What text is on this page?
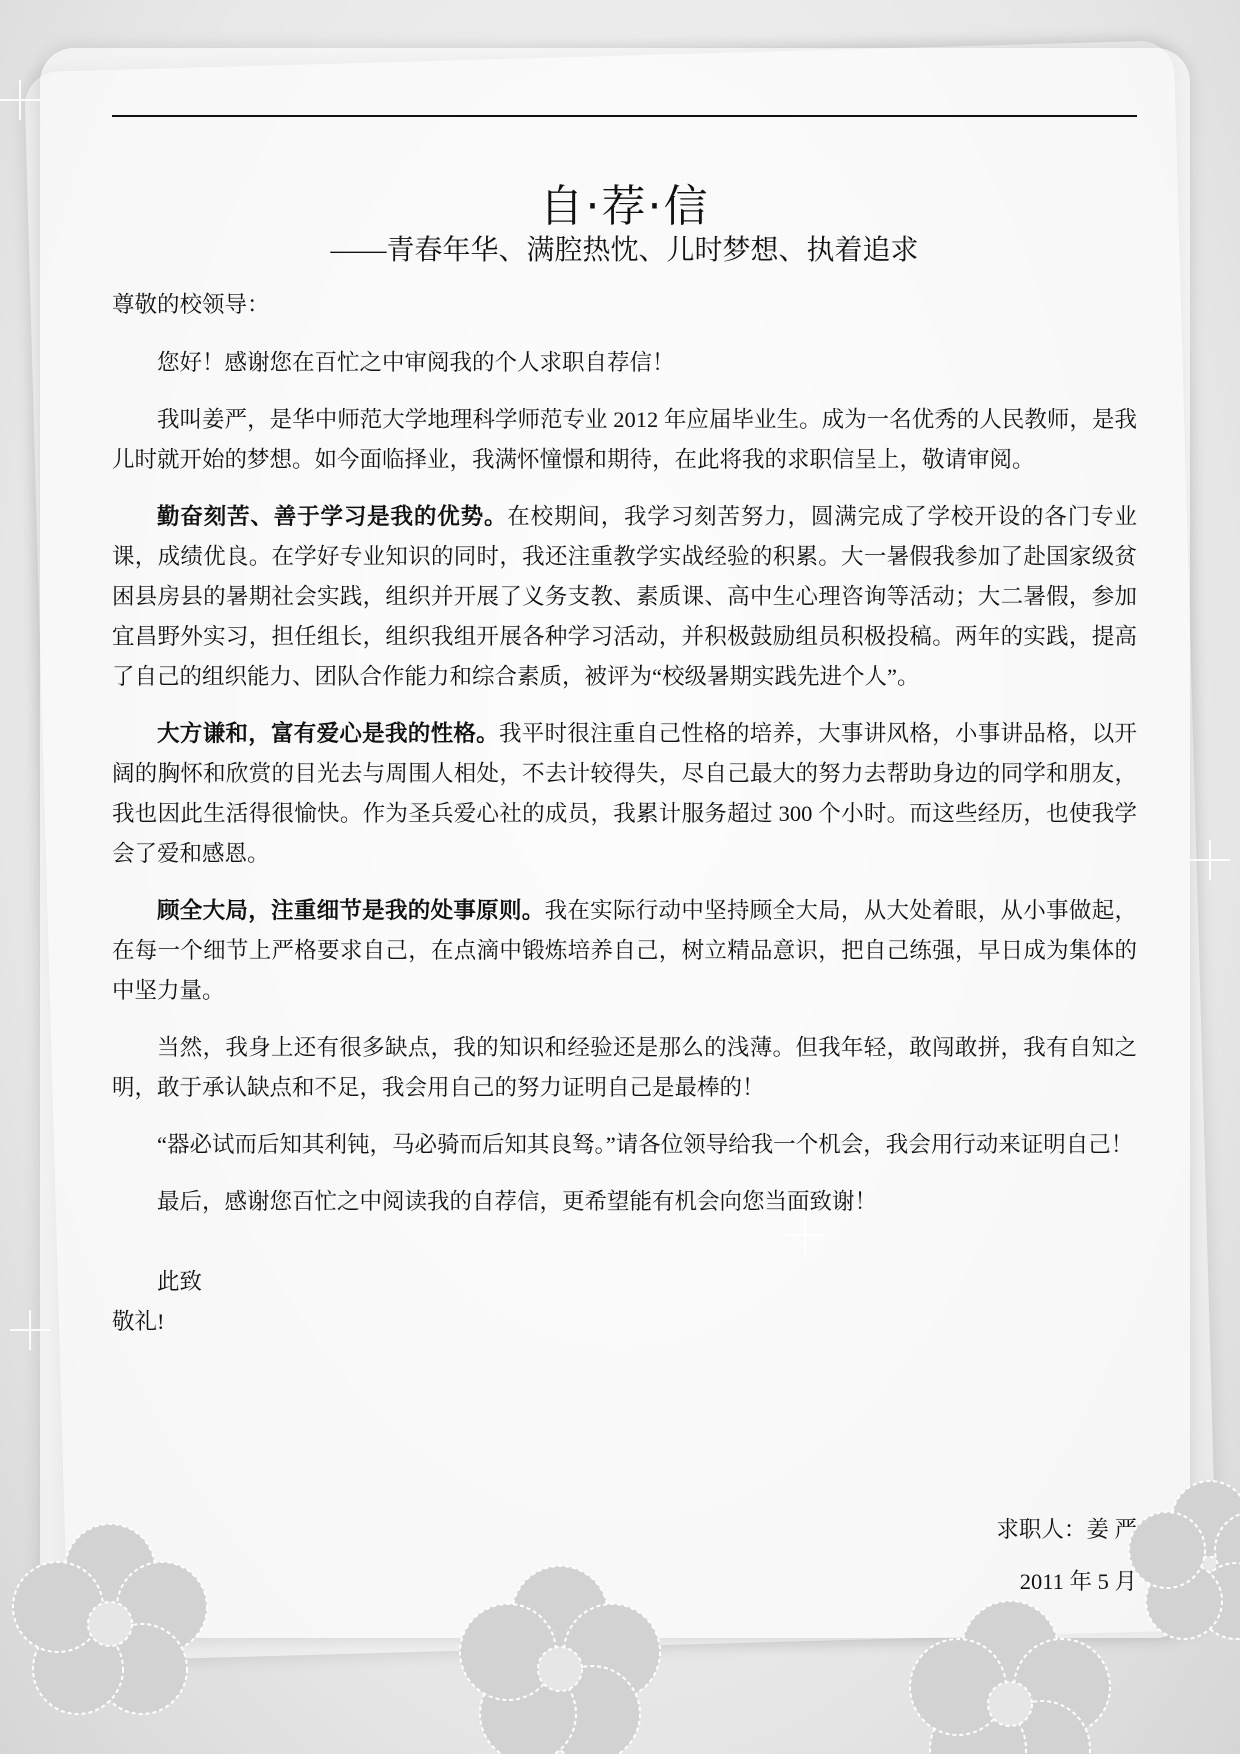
自·荐·信

——青春年华、满腔热忱、儿时梦想、执着追求

尊敬的校领导：

您好！感谢您在百忙之中审阅我的个人求职自荐信！

我叫姜严，是华中师范大学地理科学师范专业 2012 年应届毕业生。成为一名优秀的人民教师，是我儿时就开始的梦想。如今面临择业，我满怀憧憬和期待，在此将我的求职信呈上，敬请审阅。

勤奋刻苦、善于学习是我的优势。在校期间，我学习刻苦努力，圆满完成了学校开设的各门专业课，成绩优良。在学好专业知识的同时，我还注重教学实战经验的积累。大一暑假我参加了赴国家级贫困县房县的暑期社会实践，组织并开展了义务支教、素质课、高中生心理咨询等活动；大二暑假，参加宜昌野外实习，担任组长，组织我组开展各种学习活动，并积极鼓励组员积极投稿。两年的实践，提高了自己的组织能力、团队合作能力和综合素质，被评为“校级暑期实践先进个人”。

大方谦和，富有爱心是我的性格。我平时很注重自己性格的培养，大事讲风格，小事讲品格，以开阔的胸怀和欣赏的目光去与周围人相处，不去计较得失，尽自己最大的努力去帮助身边的同学和朋友，我也因此生活得很愉快。作为圣兵爱心社的成员，我累计服务超过 300 个小时。而这些经历，也使我学会了爱和感恩。

顾全大局，注重细节是我的处事原则。我在实际行动中坚持顾全大局，从大处着眼，从小事做起，在每一个细节上严格要求自己，在点滴中锻炼培养自己，树立精品意识，把自己练强，早日成为集体的中坚力量。

当然，我身上还有很多缺点，我的知识和经验还是那么的浅薄。但我年轻，敢闯敢拼，我有自知之明，敢于承认缺点和不足，我会用自己的努力证明自己是最棒的！

“器必试而后知其利钝，马必骑而后知其良驽。”请各位领导给我一个机会，我会用行动来证明自己！

最后，感谢您百忙之中阅读我的自荐信，更希望能有机会向您当面致谢！

此致

敬礼!

求职人：姜 严

2011 年 5 月
